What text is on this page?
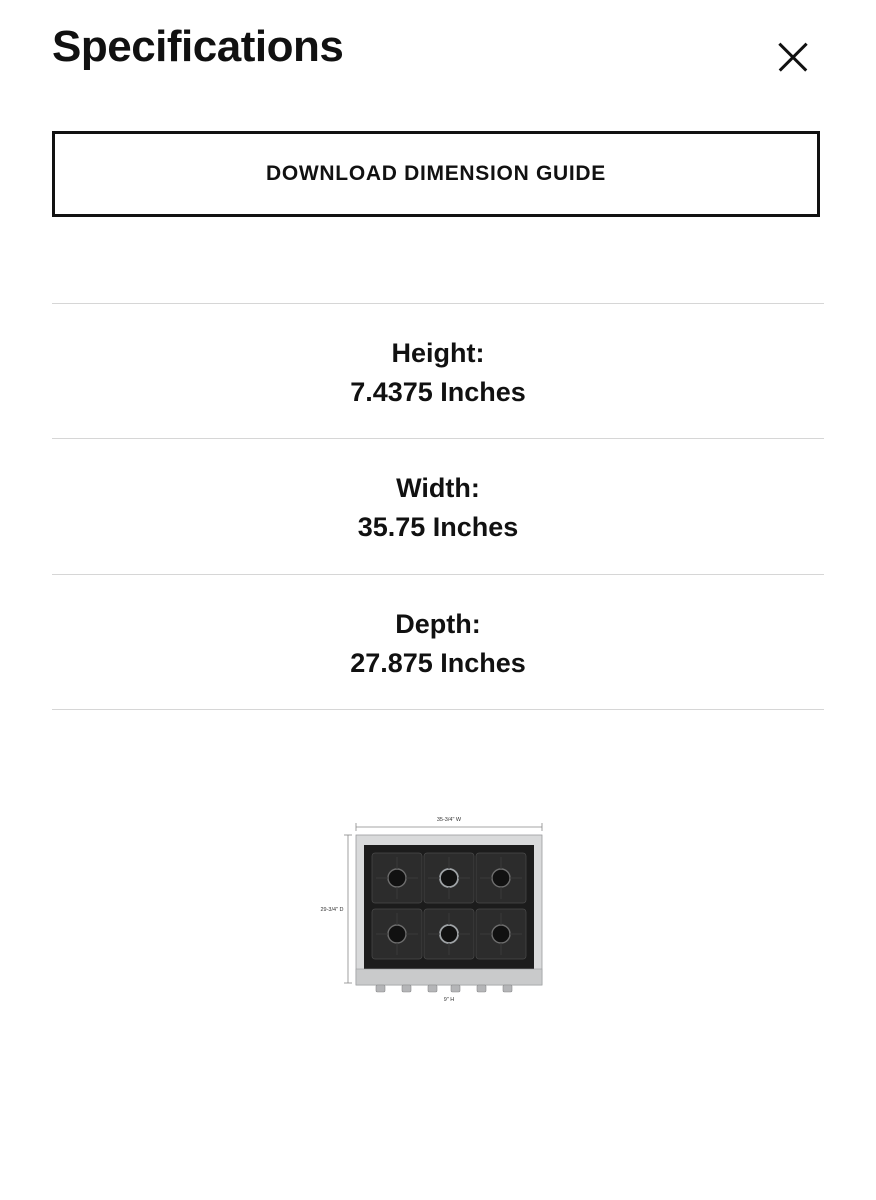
Specifications
DOWNLOAD DIMENSION GUIDE
Height:
7.4375 Inches
Width:
35.75 Inches
Depth:
27.875 Inches
35-3/4" W
29-3/4" D
9" H
